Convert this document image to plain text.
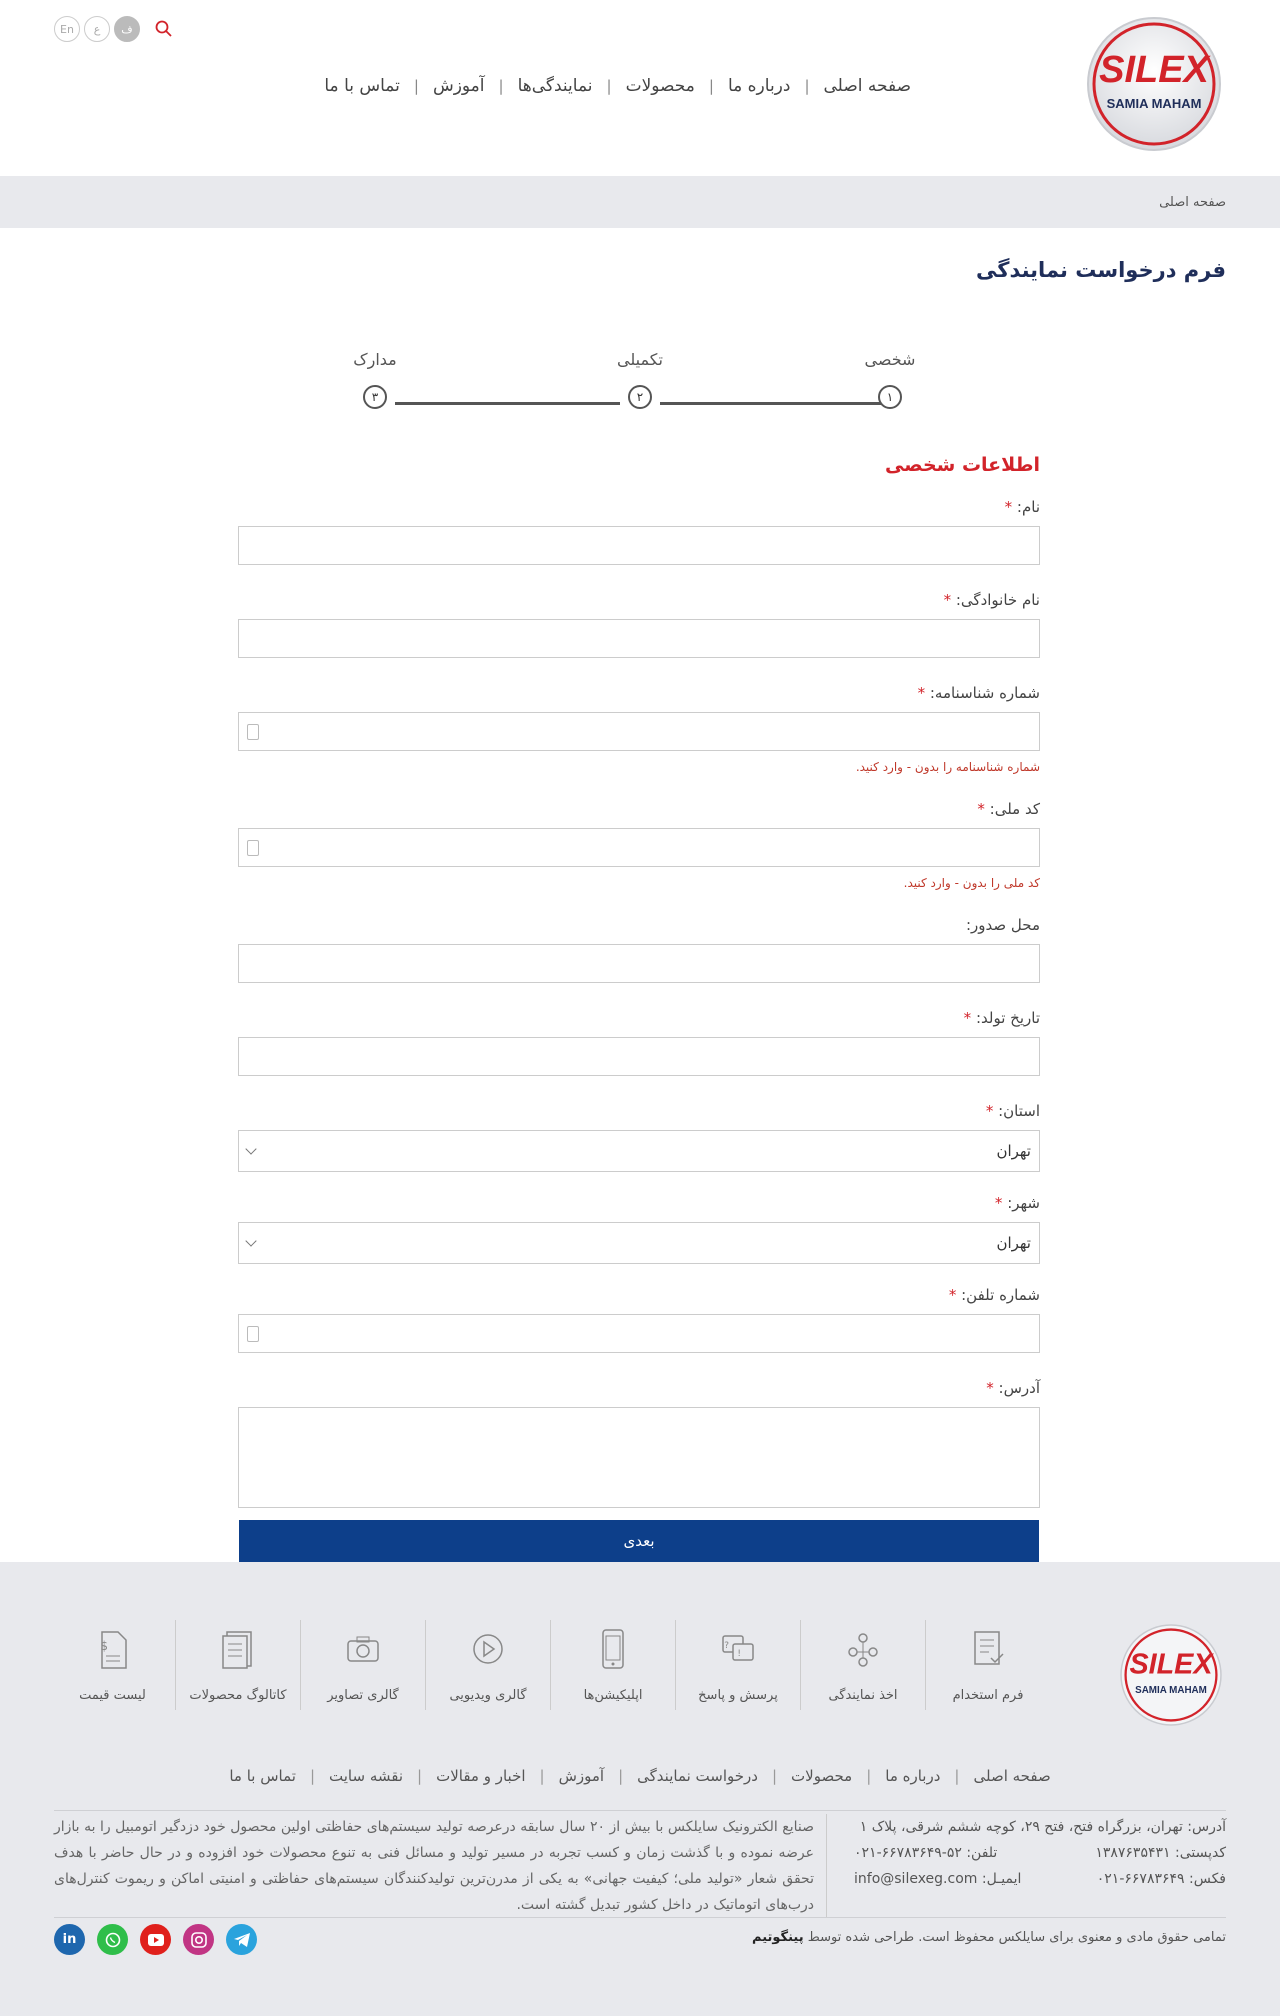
SILEX
SAMIA MAHAM
صفحه اصلی
|
درباره ما
|
محصولات
|
نمایندگی‌ها
|
آموزش
|
تماس با ما
En	ع	ف
صفحه اصلی
فرم درخواست نمایندگی
شخصی
۱
تکمیلی
۲
مدارک
۳
اطلاعات شخصی
نام: *
نام خانوادگی: *
شماره شناسنامه: *
شماره شناسنامه را بدون - وارد کنید.
کد ملی: *
کد ملی را بدون - وارد کنید.
محل صدور:
تاریخ تولد: *
استان: *
تهران
شهر: *
تهران
شماره تلفن: *
آدرس: *
بعدی
SILEX
SAMIA MAHAM
فرم استخدام
اخذ نمایندگی
?
!
پرسش و پاسخ
اپلیکیشن‌ها
گالری ویدیویی
گالری تصاویر
کاتالوگ محصولات
$
لیست قیمت
صفحه اصلی
|
درباره ما
|
محصولات
|
درخواست نمایندگی
|
آموزش
|
اخبار و مقالات
|
نقشه سایت
|
تماس با ما
آدرس: تهران، بزرگراه فتح، فتح ۲۹، کوچه ششم شرقی، پلاک ۱
کدپستی: ۱۳۸۷۶۳۵۴۳۱
تلفن: ۵۲-۶۶۷۸۳۶۴۹-۰۲۱
فکس: ۶۶۷۸۳۶۴۹-۰۲۱
ایمیـل: info@silexeg.com
صنایع الکترونیک سایلکس با بیش از ۲۰ سال سابقه درعرصه تولید سیستم‌های حفاظتی اولین محصول خود دزدگیر اتومبیل را به بازار عرضه نموده و با گذشت زمان و کسب تجربه در مسیر تولید و مسائل فنی به تنوع محصولات خود افزوده و در حال حاضر با هدف تحقق شعار «تولید ملی؛ کیفیت جهانی» به یکی از مدرن‌ترین تولیدکنندگان سیستم‌های حفاظتی و امنیتی اماکن و ریموت کنترل‌های درب‌های اتوماتیک در داخل کشور تبدیل گشته است.
تمامی حقوق مادی و معنوی برای سایلکس محفوظ است. طراحی شده توسط پینگوتیم
in
